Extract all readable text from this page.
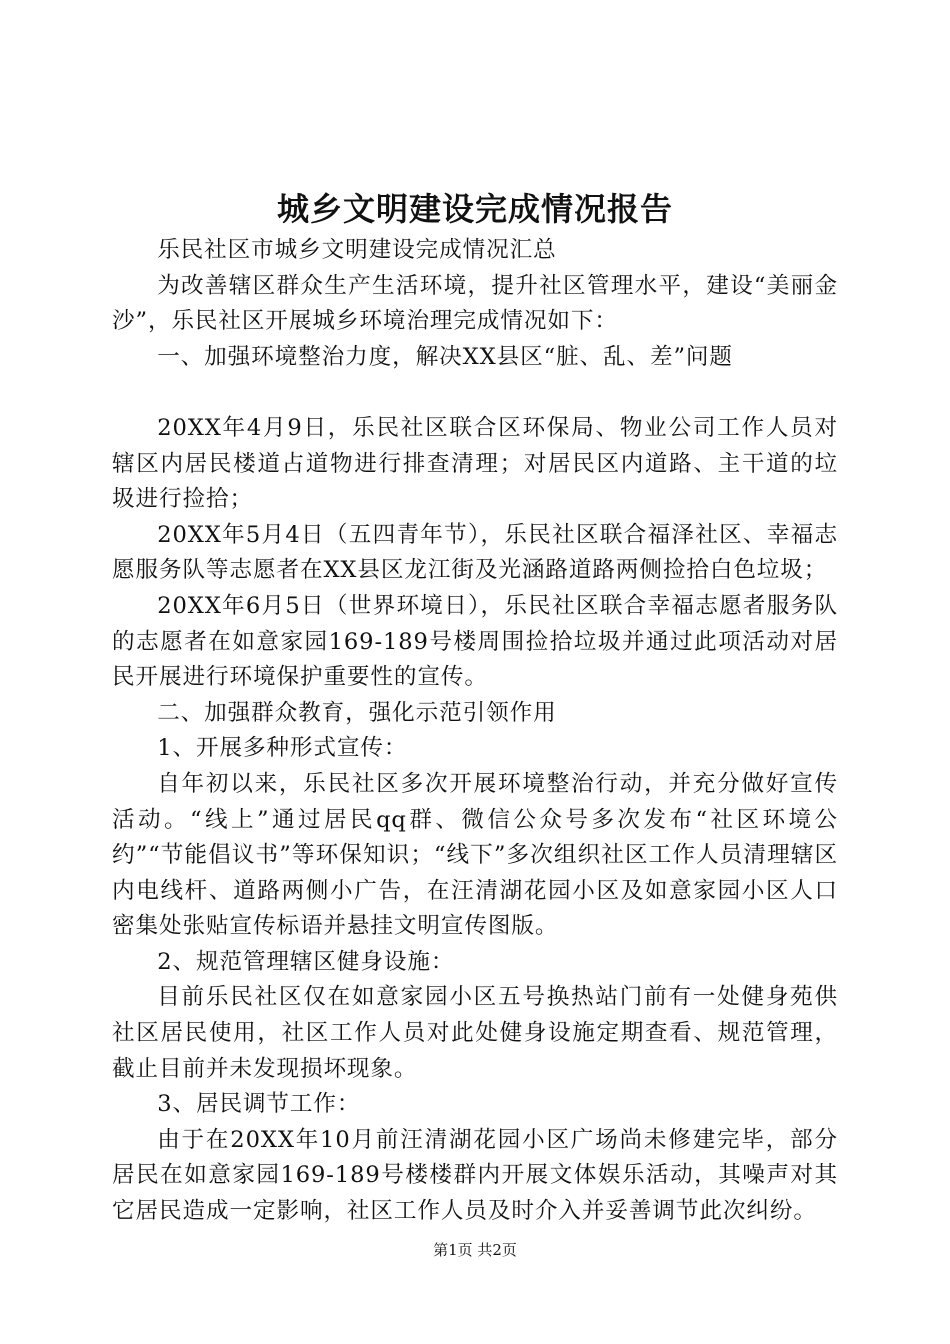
城乡文明建设完成情况报告

乐民社区市城乡文明建设完成情况汇总

为改善辖区群众生产生活环境，提升社区管理水平，建设“美丽金沙”，乐民社区开展城乡环境治理完成情况如下：

一、加强环境整治力度，解决XX县区“脏、乱、差”问题

20XX年4月9日，乐民社区联合区环保局、物业公司工作人员对辖区内居民楼道占道物进行排查清理；对居民区内道路、主干道的垃圾进行捡拾；

20XX年5月4日（五四青年节），乐民社区联合福泽社区、幸福志愿服务队等志愿者在XX县区龙江街及光涵路道路两侧捡拾白色垃圾；

20XX年6月5日（世界环境日），乐民社区联合幸福志愿者服务队的志愿者在如意家园169-189号楼周围捡拾垃圾并通过此项活动对居民开展进行环境保护重要性的宣传。

二、加强群众教育，强化示范引领作用

1、开展多种形式宣传：

自年初以来，乐民社区多次开展环境整治行动，并充分做好宣传活动。“线上”通过居民qq群、微信公众号多次发布“社区环境公约”“节能倡议书”等环保知识；“线下”多次组织社区工作人员清理辖区内电线杆、道路两侧小广告，在汪清湖花园小区及如意家园小区人口密集处张贴宣传标语并悬挂文明宣传图版。

2、规范管理辖区健身设施：

目前乐民社区仅在如意家园小区五号换热站门前有一处健身苑供社区居民使用，社区工作人员对此处健身设施定期查看、规范管理，截止目前并未发现损坏现象。

3、居民调节工作：

由于在20XX年10月前汪清湖花园小区广场尚未修建完毕，部分居民在如意家园169-189号楼楼群内开展文体娱乐活动，其噪声对其它居民造成一定影响，社区工作人员及时介入并妥善调节此次纠纷。

第1页 共2页
